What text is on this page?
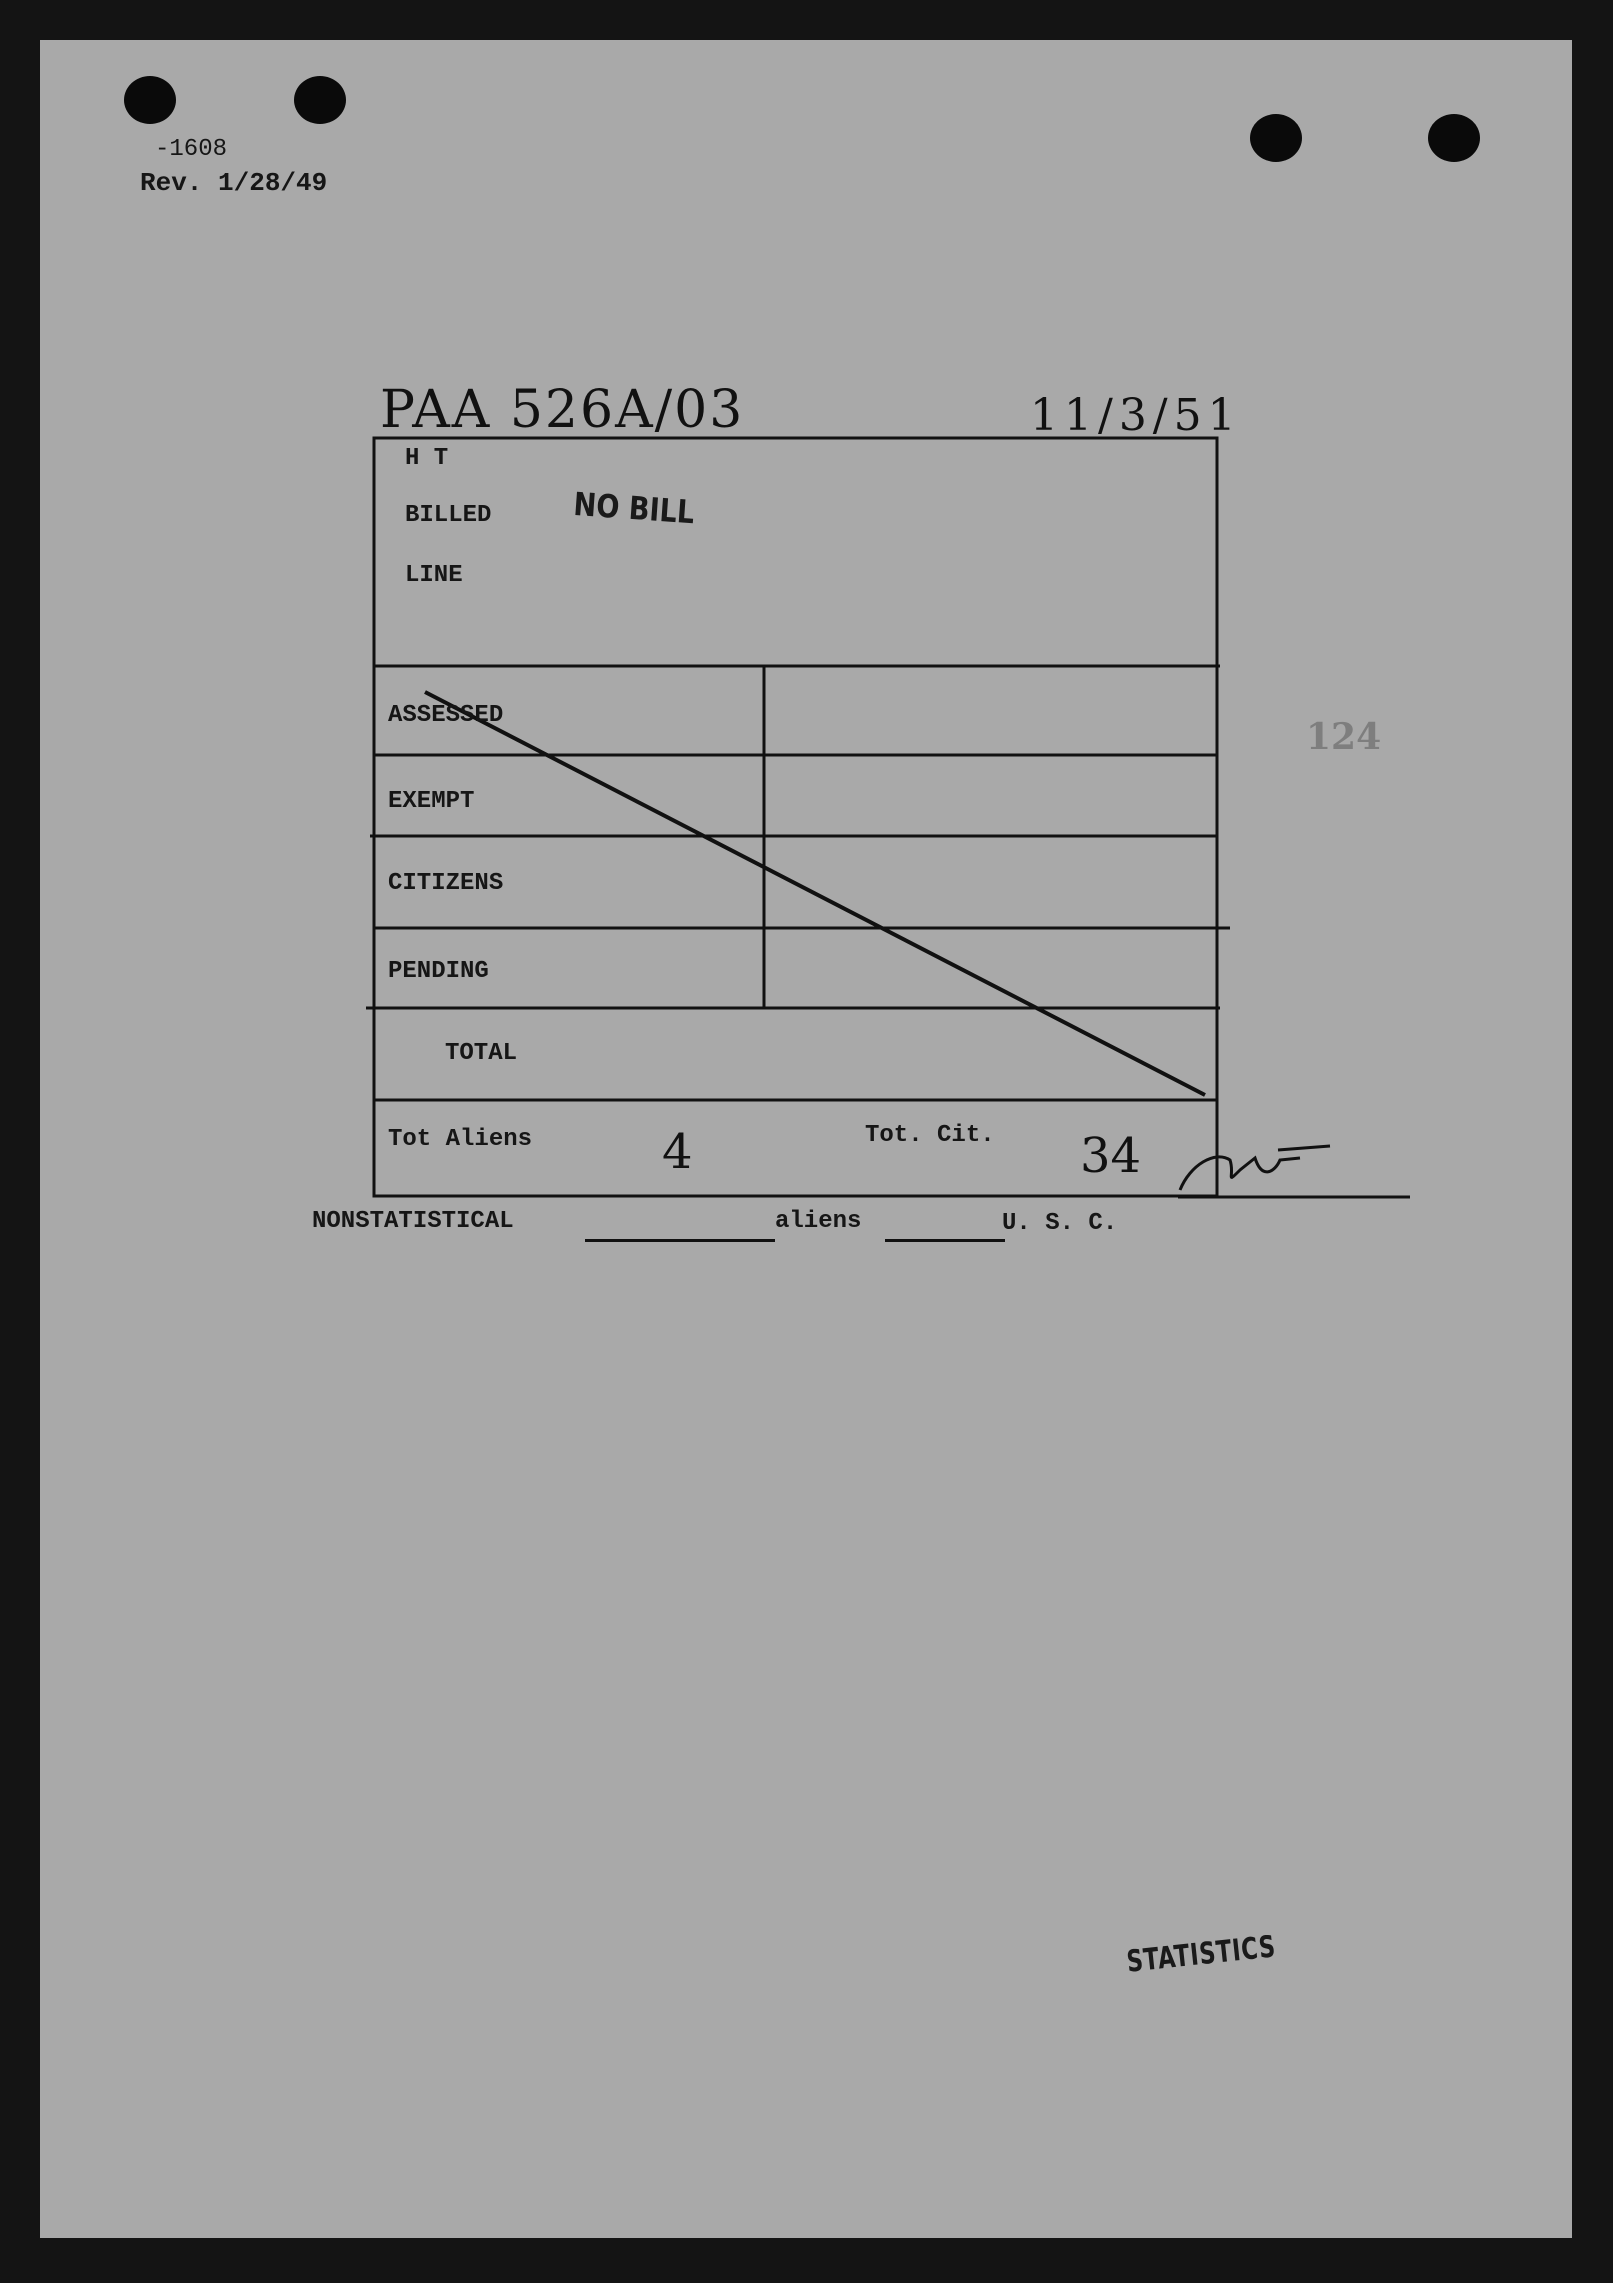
-1608
Rev. 1/28/49
PAA 526A/03	11/3/51
H T
BILLED
LINE
NO BILL
ASSESSED
EXEMPT
CITIZENS
PENDING
TOTAL
Tot Aliens	4	Tot. Cit. 34
NONSTATISTICAL	aliens	U. S. C.
124
STATISTICS
